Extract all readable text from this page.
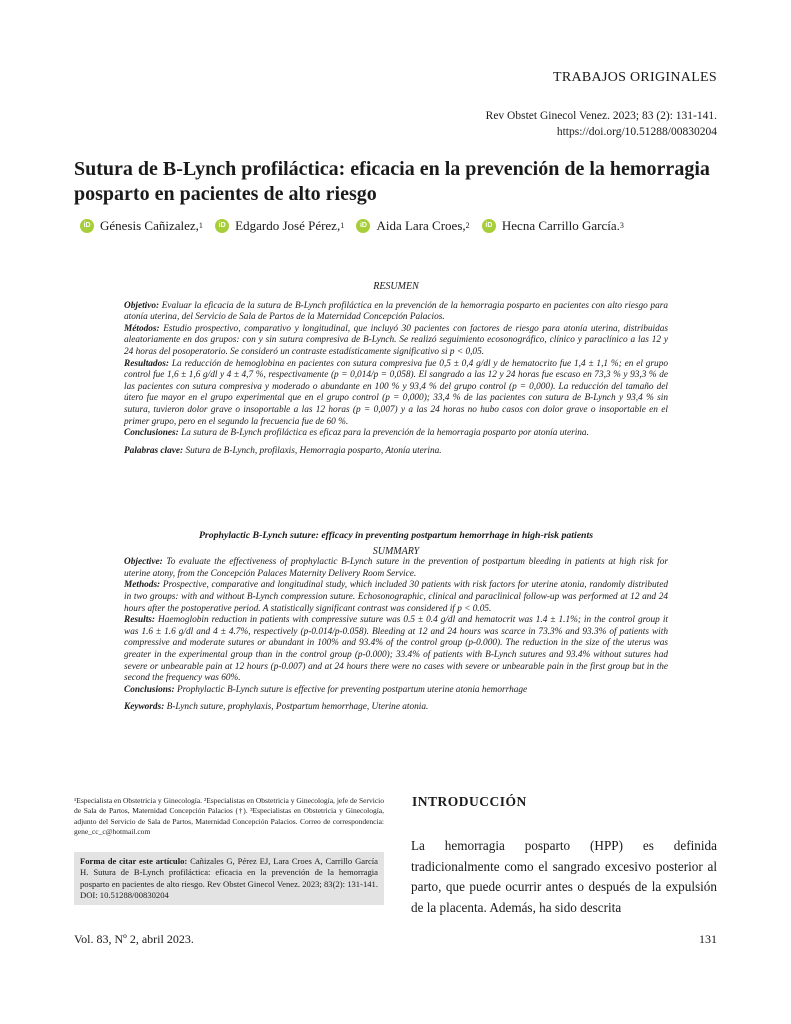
TRABAJOS ORIGINALES
Rev Obstet Ginecol Venez. 2023; 83 (2): 131-141.
https://doi.org/10.51288/00830204
Sutura de B-Lynch profiláctica: eficacia en la prevención de la hemorragia posparto en pacientes de alto riesgo
iD Génesis Cañizalez, 1
	iD Edgardo José Pérez, 1
	iD Aida Lara Croes, 2
	iD Hecna Carrillo García. 3
RESUMEN

Objetivo: Evaluar la eficacia de la sutura de B-Lynch profiláctica en la prevención de la hemorragia posparto en pacientes con alto riesgo para atonía uterina, del Servicio de Sala de Partos de la Maternidad Concepción Palacios.

Métodos: Estudio prospectivo, comparativo y longitudinal, que incluyó 30 pacientes con factores de riesgo para atonía uterina, distribuidas aleatoriamente en dos grupos: con y sin sutura compresiva de B-Lynch. Se realizó seguimiento ecosonográfico, clínico y paraclínico a las 12 y 24 horas del posoperatorio. Se consideró un contraste estadísticamente significativo si p < 0,05.

Resultados: La reducción de hemoglobina en pacientes con sutura compresiva fue 0,5 ± 0,4 g/dl y de hematocrito fue 1,4 ± 1,1 %; en el grupo control fue 1,6 ± 1,6 g/dl y 4 ± 4,7 %, respectivamente (p = 0,014/p = 0,058). El sangrado a las 12 y 24 horas fue escaso en 73,3 % y 93,3 % de las pacientes con sutura compresiva y moderado o abundante en 100 % y 93,4 % del grupo control (p = 0,000). La reducción del tamaño del útero fue mayor en el grupo experimental que en el grupo control (p = 0,000); 33,4 % de las pacientes con sutura de B-Lynch y 93,4 % sin sutura, tuvieron dolor grave o insoportable a las 12 horas (p = 0,007) y a las 24 horas no hubo casos con dolor grave o insoportable en el primer grupo, pero en el segundo la frecuencia fue de 60 %.

Conclusiones: La sutura de B-Lynch profiláctica es eficaz para la prevención de la hemorragia posparto por atonía uterina.

Palabras clave: Sutura de B-Lynch, profilaxis, Hemorragia posparto, Atonía uterina.

Prophylactic B-Lynch suture: efficacy in preventing postpartum hemorrhage in high-risk patients
SUMMARY

Objective: To evaluate the effectiveness of prophylactic B-Lynch suture in the prevention of postpartum bleeding in patients at high risk for uterine atony, from the Concepción Palaces Maternity Delivery Room Service.

Methods: Prospective, comparative and longitudinal study, which included 30 patients with risk factors for uterine atonia, randomly distributed in two groups: with and without B-Lynch compression suture. Echosonographic, clinical and paraclinical follow-up was performed at 12 and 24 hours after the postoperative period. A statistically significant contrast was considered if p < 0.05.

Results: Haemoglobin reduction in patients with compressive suture was 0.5 ± 0.4 g/dl and hematocrit was 1.4 ± 1.1%; in the control group it was 1.6 ± 1.6 g/dl and 4 ± 4.7%, respectively (p-0.014/p-0.058). Bleeding at 12 and 24 hours was scarce in 73.3% and 93.3% of patients with compressive and moderate sutures or abundant in 100% and 93.4% of the control group (p-0.000). The reduction in the size of the uterus was greater in the experimental group than in the control group (p-0.000); 33.4% of patients with B-Lynch sutures and 93.4% without sutures had severe or unbearable pain at 12 hours (p-0.007) and at 24 hours there were no cases with severe or unbearable pain in the first group but in the second the frequency was 60%.

Conclusions: Prophylactic B-Lynch suture is effective for preventing postpartum uterine atonia hemorrhage

Keywords: B-Lynch suture, prophylaxis, Postpartum hemorrhage, Uterine atonia.

¹Especialista en Obstetricia y Ginecología. ²Especialistas en Obstetricia y Ginecología, jefe de Servicio de Sala de Partos, Maternidad Concepción Palacios (†). ³Especialistas en Obstetricia y Ginecología, adjunto del Servicio de Sala de Partos, Maternidad Concepción Palacios. Correo de correspondencia: gene_cc_c@hotmail.com
Forma de citar este artículo: Cañizales G, Pérez EJ, Lara Croes A, Carrillo García H. Sutura de B-Lynch profiláctica: eficacia en la prevención de la hemorragia posparto en pacientes de alto riesgo. Rev Obstet Ginecol Venez. 2023; 83(2): 131-141. DOI: 10.51288/00830204
INTRODUCCIÓN
La hemorragia posparto (HPP) es definida tradicionalmente como el sangrado excesivo posterior al parto, que puede ocurrir antes o después de la expulsión de la placenta. Además, ha sido descrita
Vol. 83, Nº 2, abril 2023.	131
